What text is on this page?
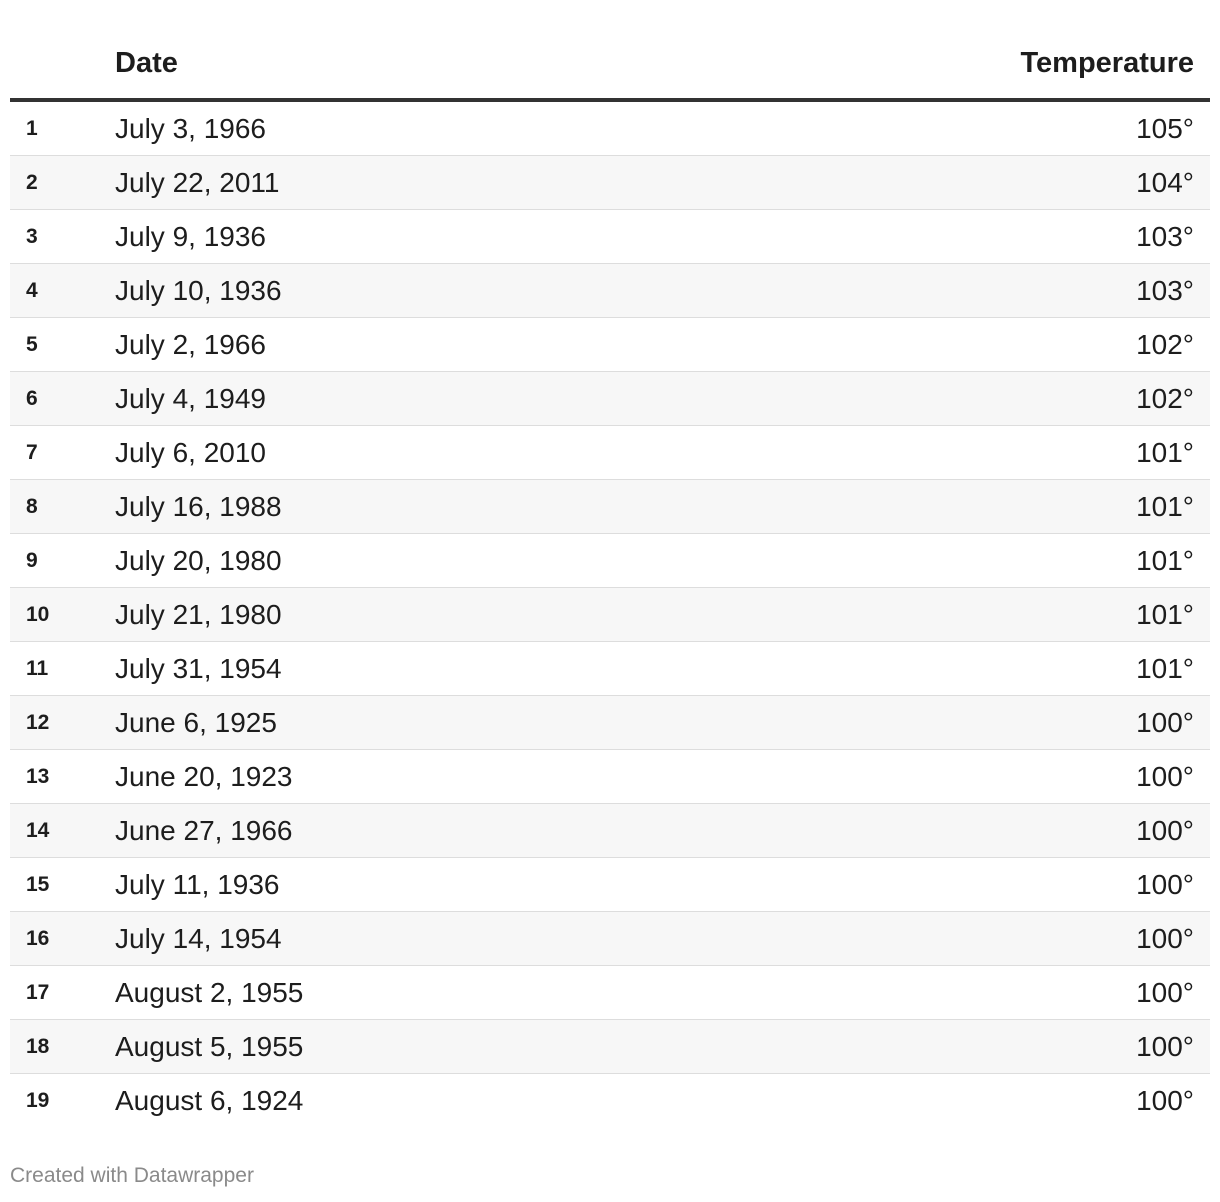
	Date	Temperature
1	July 3, 1966	105°
2	July 22, 2011	104°
3	July 9, 1936	103°
4	July 10, 1936	103°
5	July 2, 1966	102°
6	July 4, 1949	102°
7	July 6, 2010	101°
8	July 16, 1988	101°
9	July 20, 1980	101°
10	July 21, 1980	101°
11	July 31, 1954	101°
12	June 6, 1925	100°
13	June 20, 1923	100°
14	June 27, 1966	100°
15	July 11, 1936	100°
16	July 14, 1954	100°
17	August 2, 1955	100°
18	August 5, 1955	100°
19	August 6, 1924	100°
Created with Datawrapper
